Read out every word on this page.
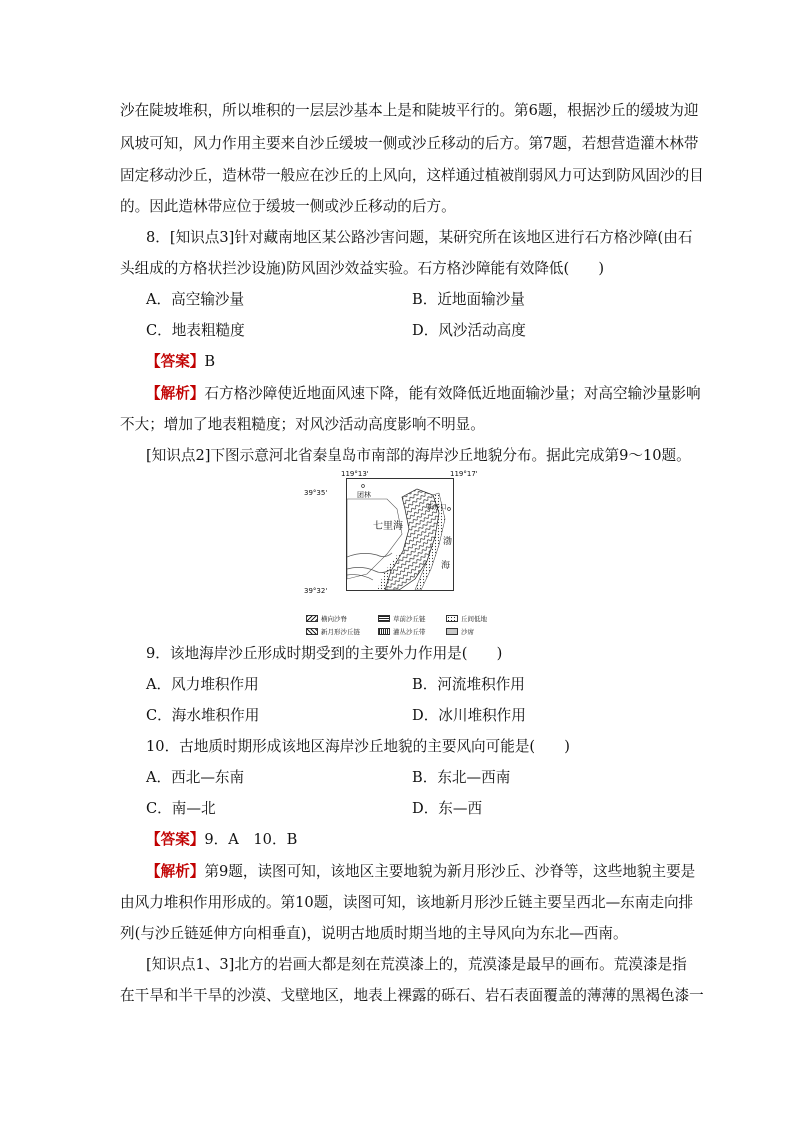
沙在陡坡堆积，所以堆积的一层层沙基本上是和陡坡平行的。第6题，根据沙丘的缓坡为迎
风坡可知，风力作用主要来自沙丘缓坡一侧或沙丘移动的后方。第7题，若想营造灌木林带
固定移动沙丘，造林带一般应在沙丘的上风向，这样通过植被削弱风力可达到防风固沙的目
的。因此造林带应位于缓坡一侧或沙丘移动的后方。
8．[知识点3]针对藏南地区某公路沙害问题，某研究所在该地区进行石方格沙障(由石
头组成的方格状拦沙设施)防风固沙效益实验。石方格沙障能有效降低(　　)
A．高空输沙量	B．近地面输沙量
C．地表粗糙度	D．风沙活动高度
【答案】B
【解析】石方格沙障使近地面风速下降，能有效降低近地面输沙量；对高空输沙量影响
不大；增加了地表粗糙度；对风沙活动高度影响不明显。
[知识点2]下图示意河北省秦皇岛市南部的海岸沙丘地貌分布。据此完成第9～10题。
119°13'	119°17'
39°35'
39°32'
团林
新开口
七里海
渤
海
横向沙脊	草前沙丘链	丘间低地
新月形沙丘链	灌丛沙丘带	沙席
9．该地海岸沙丘形成时期受到的主要外力作用是(　　)
A．风力堆积作用	B．河流堆积作用
C．海水堆积作用	D．冰川堆积作用
10．古地质时期形成该地区海岸沙丘地貌的主要风向可能是(　　)
A．西北—东南	B．东北—西南
C．南—北	D．东—西
【答案】9．A　10．B
【解析】第9题，读图可知，该地区主要地貌为新月形沙丘、沙脊等，这些地貌主要是
由风力堆积作用形成的。第10题，读图可知，该地新月形沙丘链主要呈西北—东南走向排
列(与沙丘链延伸方向相垂直)，说明古地质时期当地的主导风向为东北—西南。
[知识点1、3]北方的岩画大都是刻在荒漠漆上的，荒漠漆是最早的画布。荒漠漆是指
在干旱和半干旱的沙漠、戈壁地区，地表上裸露的砾石、岩石表面覆盖的薄薄的黑褐色漆一
